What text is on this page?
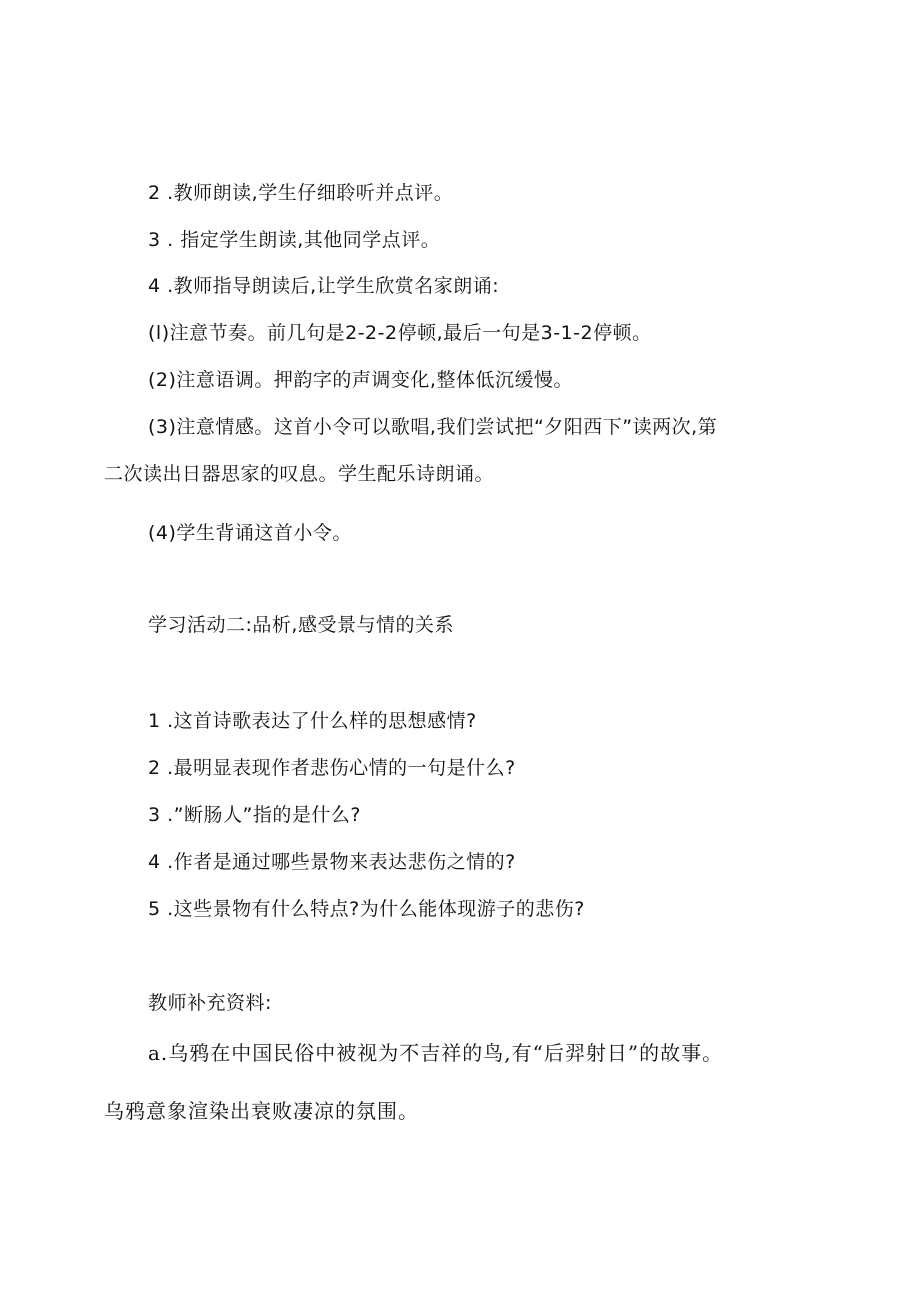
2 .教师朗读,学生仔细聆听并点评。
3 . 指定学生朗读,其他同学点评。
4 .教师指导朗读后,让学生欣赏名家朗诵:
(l)注意节奏。前几句是2-2-2停顿,最后一句是3-1-2停顿。
(2)注意语调。押韵字的声调变化,整体低沉缓慢。
(3)注意情感。这首小令可以歌唱,我们尝试把“夕阳西下”读两次,第
二次读出日器思家的叹息。学生配乐诗朗诵。
(4)学生背诵这首小令。
学习活动二:品析,感受景与情的关系
1 .这首诗歌表达了什么样的思想感情?
2 .最明显表现作者悲伤心情的一句是什么?
3 .”断肠人”指的是什么?
4 .作者是通过哪些景物来表达悲伤之情的?
5 .这些景物有什么特点?为什么能体现游子的悲伤?
教师补充资料:
a.乌鸦在中国民俗中被视为不吉祥的鸟,有“后羿射日”的故事。
乌鸦意象渲染出衰败凄凉的氛围。
